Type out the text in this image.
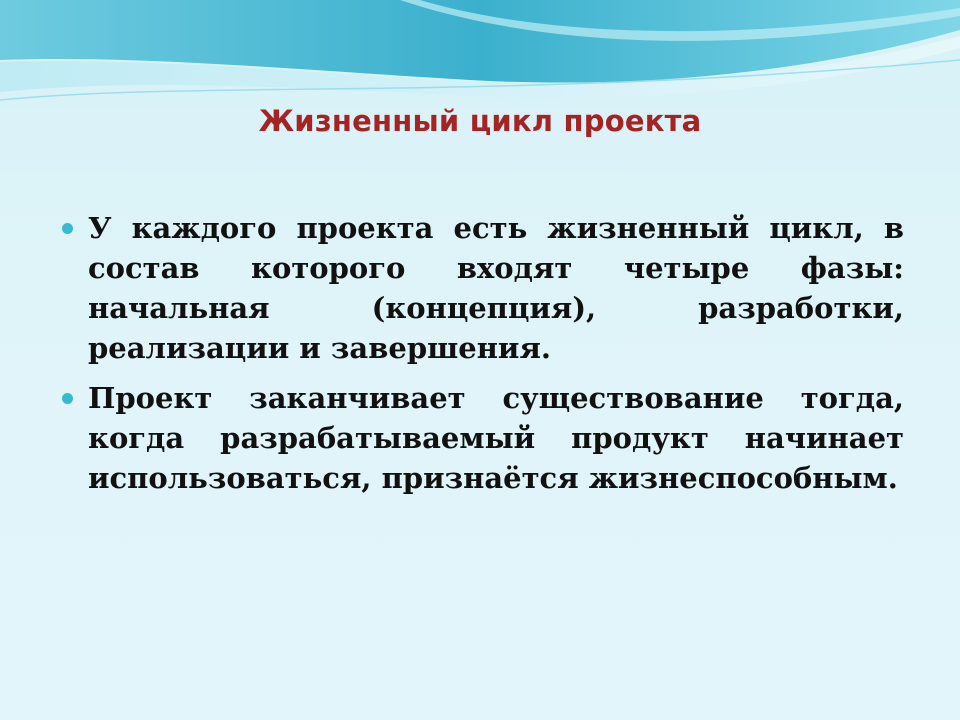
Жизненный цикл проекта
У каждого проекта есть жизненный цикл, в состав которого входят четыре фазы: начальная (концепция), разработки, реализации и завершения.
Проект заканчивает существование тогда, когда разрабатываемый продукт начинает использоваться, признаётся жизнеспособным.
